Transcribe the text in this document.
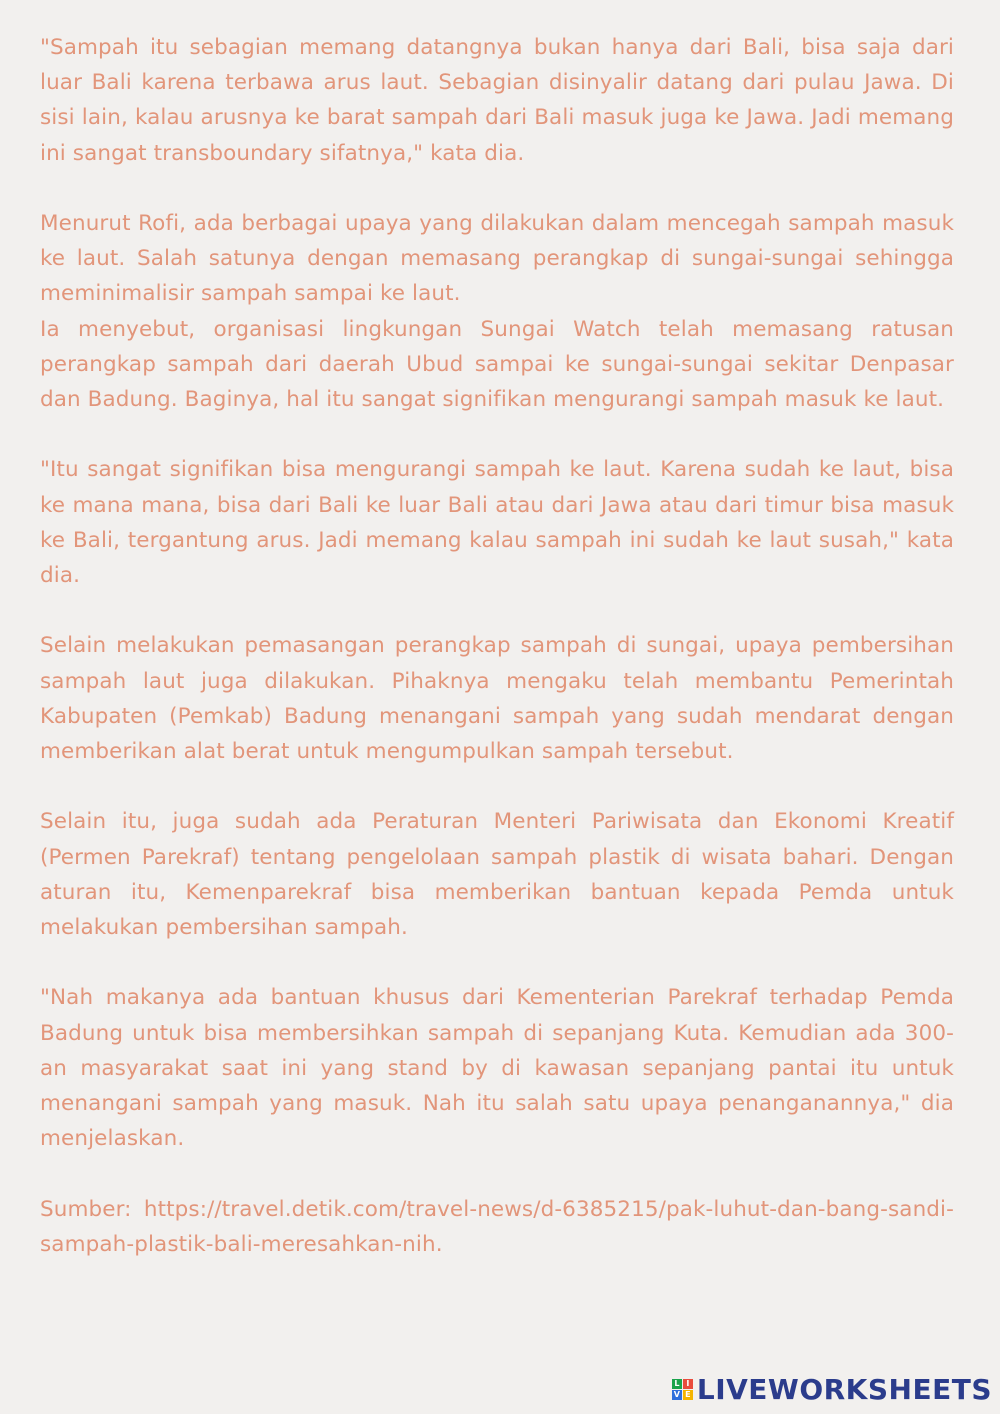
"Sampah itu sebagian memang datangnya bukan hanya dari Bali, bisa saja dari luar Bali karena terbawa arus laut. Sebagian disinyalir datang dari pulau Jawa. Di sisi lain, kalau arusnya ke barat sampah dari Bali masuk juga ke Jawa. Jadi memang ini sangat transboundary sifatnya," kata dia.

Menurut Rofi, ada berbagai upaya yang dilakukan dalam mencegah sampah masuk ke laut. Salah satunya dengan memasang perangkap di sungai-sungai sehingga meminimalisir sampah sampai ke laut.

Ia menyebut, organisasi lingkungan Sungai Watch telah memasang ratusan perangkap sampah dari daerah Ubud sampai ke sungai-sungai sekitar Denpasar dan Badung. Baginya, hal itu sangat signifikan mengurangi sampah masuk ke laut.

"Itu sangat signifikan bisa mengurangi sampah ke laut. Karena sudah ke laut, bisa ke mana mana, bisa dari Bali ke luar Bali atau dari Jawa atau dari timur bisa masuk ke Bali, tergantung arus. Jadi memang kalau sampah ini sudah ke laut susah," kata dia.

Selain melakukan pemasangan perangkap sampah di sungai, upaya pembersihan sampah laut juga dilakukan. Pihaknya mengaku telah membantu Pemerintah Kabupaten (Pemkab) Badung menangani sampah yang sudah mendarat dengan memberikan alat berat untuk mengumpulkan sampah tersebut.

Selain itu, juga sudah ada Peraturan Menteri Pariwisata dan Ekonomi Kreatif (Permen Parekraf) tentang pengelolaan sampah plastik di wisata bahari. Dengan aturan itu, Kemenparekraf bisa memberikan bantuan kepada Pemda untuk melakukan pembersihan sampah.

"Nah makanya ada bantuan khusus dari Kementerian Parekraf terhadap Pemda Badung untuk bisa membersihkan sampah di sepanjang Kuta. Kemudian ada 300-an masyarakat saat ini yang stand by di kawasan sepanjang pantai itu untuk menangani sampah yang masuk. Nah itu salah satu upaya penanganannya," dia menjelaskan.

Sumber: https://travel.detik.com/travel-news/d-6385215/pak-luhut-dan-bang-sandi-sampah-plastik-bali-meresahkan-nih.

L I
V E LIVEWORKSHEETS
